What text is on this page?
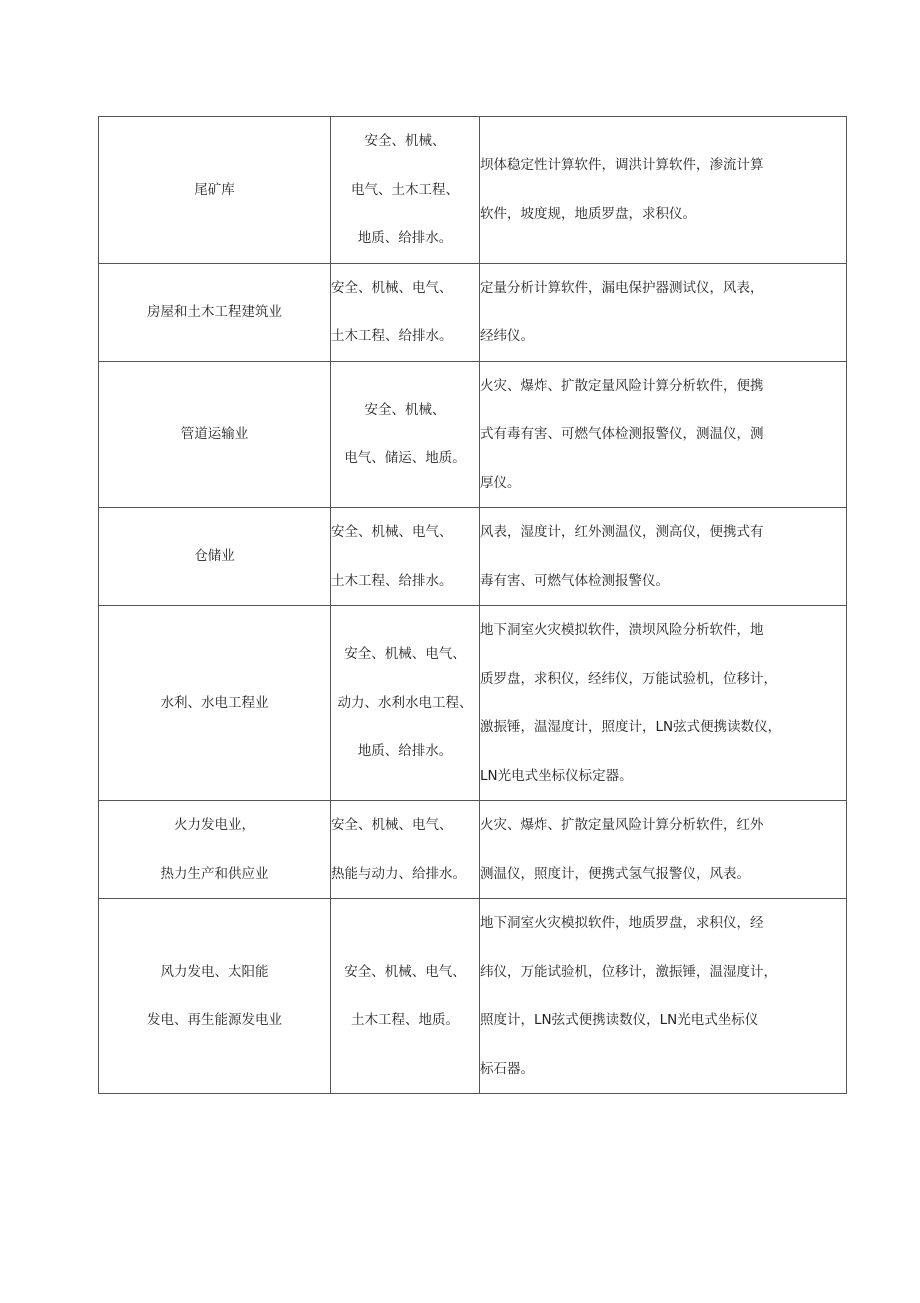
尾矿库	安全、机械、
电气、土木工程、
地质、给排水。	坝体稳定性计算软件，调洪计算软件，渗流计算
软件，坡度规，地质罗盘，求积仪。

房屋和土木工程建筑业	安全、机械、电气、
土木工程、给排水。	定量分析计算软件，漏电保护器测试仪，风表，
经纬仪。

管道运输业	安全、机械、
电气、储运、地质。	火灾、爆炸、扩散定量风险计算分析软件，便携
式有毒有害、可燃气体检测报警仪，测温仪，测
厚仪。

仓储业	安全、机械、电气、
土木工程、给排水。	风表，湿度计，红外测温仪，测高仪，便携式有
毒有害、可燃气体检测报警仪。

水利、水电工程业	安全、机械、电气、
动力、水利水电工程、
地质、给排水。	地下洞室火灾模拟软件，溃坝风险分析软件，地
质罗盘，求积仪，经纬仪，万能试验机，位移计，
激振锤，温湿度计，照度计，LN弦式便携读数仪，
LN光电式坐标仪标定器。

火力发电业，
热力生产和供应业	安全、机械、电气、
热能与动力、给排水。	火灾、爆炸、扩散定量风险计算分析软件，红外
测温仪，照度计，便携式氢气报警仪，风表。

风力发电、太阳能
发电、再生能源发电业	安全、机械、电气、
土木工程、地质。	地下洞室火灾模拟软件，地质罗盘，求积仪，经
纬仪，万能试验机，位移计，激振锤，温湿度计，
照度计，LN弦式便携读数仪，LN光电式坐标仪
标石器。
